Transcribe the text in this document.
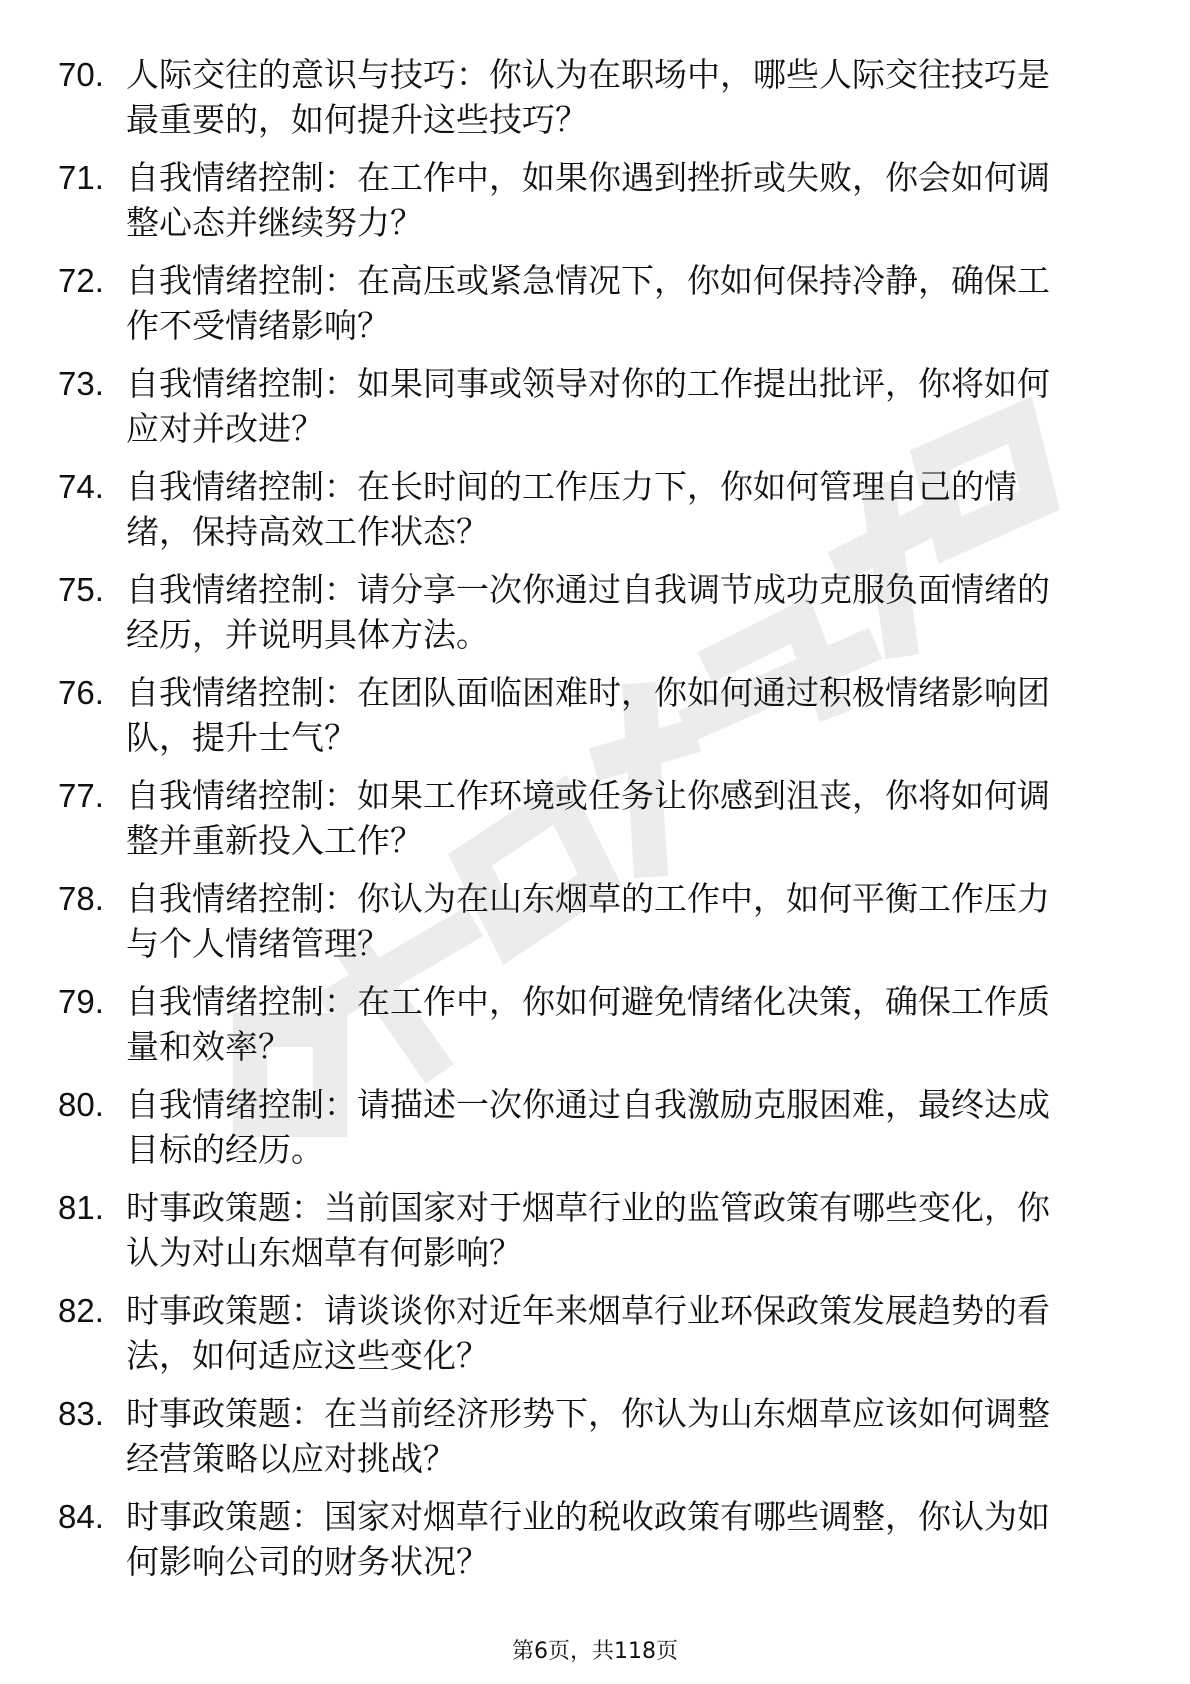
70. 人际交往的意识与技巧：你认为在职场中，哪些人际交往技巧是最重要的，如何提升这些技巧？
71. 自我情绪控制：在工作中，如果你遇到挫折或失败，你会如何调整心态并继续努力？
72. 自我情绪控制：在高压或紧急情况下，你如何保持冷静，确保工作不受情绪影响？
73. 自我情绪控制：如果同事或领导对你的工作提出批评，你将如何应对并改进？
74. 自我情绪控制：在长时间的工作压力下，你如何管理自己的情绪，保持高效工作状态？
75. 自我情绪控制：请分享一次你通过自我调节成功克服负面情绪的经历，并说明具体方法。
76. 自我情绪控制：在团队面临困难时，你如何通过积极情绪影响团队，提升士气？
77. 自我情绪控制：如果工作环境或任务让你感到沮丧，你将如何调整并重新投入工作？
78. 自我情绪控制：你认为在山东烟草的工作中，如何平衡工作压力与个人情绪管理？
79. 自我情绪控制：在工作中，你如何避免情绪化决策，确保工作质量和效率？
80. 自我情绪控制：请描述一次你通过自我激励克服困难，最终达成目标的经历。
81. 时事政策题：当前国家对于烟草行业的监管政策有哪些变化，你认为对山东烟草有何影响？
82. 时事政策题：请谈谈你对近年来烟草行业环保政策发展趋势的看法，如何适应这些变化？
83. 时事政策题：在当前经济形势下，你认为山东烟草应该如何调整经营策略以应对挑战？
84. 时事政策题：国家对烟草行业的税收政策有哪些调整，你认为如何影响公司的财务状况？
第6页，共118页
